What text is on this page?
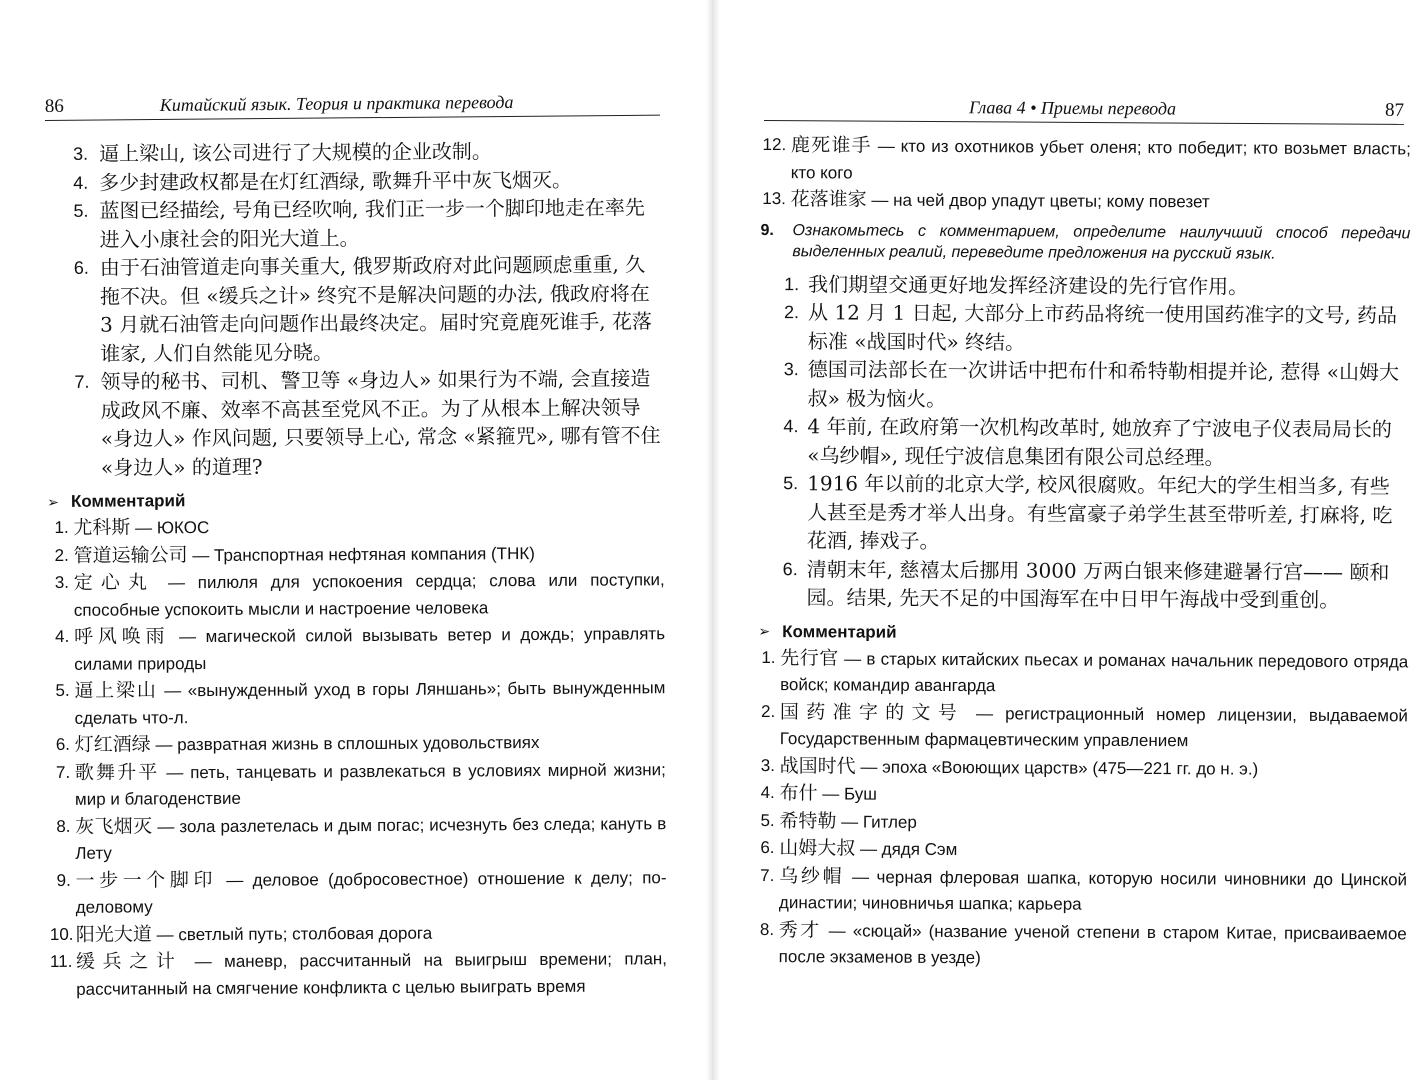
86	Китайский язык. Теория и практика перевода
3. 逼上梁山, 该公司进行了大规模的企业改制。
4. 多少封建政权都是在灯红酒绿, 歌舞升平中灰飞烟灭。
5. 蓝图已经描绘, 号角已经吹响, 我们正一步一个脚印地走在率先进入小康社会的阳光大道上。
6. 由于石油管道走向事关重大, 俄罗斯政府对此问题顾虑重重, 久拖不决。但 «缓兵之计» 终究不是解决问题的办法, 俄政府将在 3 月就石油管走向问题作出最终决定。届时究竟鹿死谁手, 花落谁家, 人们自然能见分晓。
7. 领导的秘书、司机、警卫等 «身边人» 如果行为不端, 会直接造成政风不廉、效率不高甚至党风不正。为了从根本上解决领导 «身边人» 作风问题, 只要领导上心, 常念 «紧箍咒», 哪有管不住 «身边人» 的道理?
➢ Комментарий
1. 尤科斯 — ЮКОС
2. 管道运输公司 — Транспортная нефтяная компания (ТНК)
3. 定心丸 — пилюля для успокоения сердца; слова или поступки, способные успокоить мысли и настроение человека
4. 呼风唤雨 — магической силой вызывать ветер и дождь; управлять силами природы
5. 逼上梁山 — «вынужденный уход в горы Ляншань»; быть вынужденным сделать что-л.
6. 灯红酒绿 — развратная жизнь в сплошных удовольствиях
7. 歌舞升平 — петь, танцевать и развлекаться в условиях мирной жизни; мир и благоденствие
8. 灰飞烟灭 — зола разлетелась и дым погас; исчезнуть без следа; кануть в Лету
9. 一步一个脚印 — деловое (добросовестное) отношение к делу; по-деловому
10.
阳光大道 — светлый путь; столбовая дорога
11.
缓兵之计 — маневр, рассчитанный на выигрыш времени; план, рассчитанный на смягчение конфликта с целью выиграть время
Глава 4 • Приемы перевода	87
12. 鹿死谁手 — кто из охотников убьет оленя; кто победит; кто возьмет власть; кто кого
13. 花落谁家 — на чей двор упадут цветы; кому повезет
9.	Ознакомьтесь с комментарием, определите наилучший способ передачи выделенных реалий, переведите предложения на русский язык.
1. 我们期望交通更好地发挥经济建设的先行官作用。
2. 从 12 月 1 日起, 大部分上市药品将统一使用国药准字的文号, 药品标准 «战国时代» 终结。
3. 德国司法部长在一次讲话中把布什和希特勒相提并论, 惹得 «山姆大叔» 极为恼火。
4. 4 年前, 在政府第一次机构改革时, 她放弃了宁波电子仪表局局长的 «乌纱帽», 现任宁波信息集团有限公司总经理。
5. 1916 年以前的北京大学, 校风很腐败。年纪大的学生相当多, 有些人甚至是秀才举人出身。有些富豪子弟学生甚至带听差, 打麻将, 吃花酒, 捧戏子。
6. 清朝末年, 慈禧太后挪用 3000 万两白银来修建避暑行宫—— 颐和园。结果, 先天不足的中国海军在中日甲午海战中受到重创。
➢ Комментарий
1. 先行官 — в старых китайских пьесах и романах начальник передового отряда войск; командир авангарда
2. 国药准字的文号 — регистрационный номер лицензии, выдаваемой Государственным фармацевтическим управлением
3. 战国时代 — эпоха «Воюющих царств» (475—221 гг. до н. э.)
4. 布什 — Буш
5. 希特勒 — Гитлер
6. 山姆大叔 — дядя Сэм
7. 乌纱帽 — черная флеровая шапка, которую носили чиновники до Цинской династии; чиновничья шапка; карьера
8. 秀才 — «сюцай» (название ученой степени в старом Китае, присваиваемое после экзаменов в уезде)
